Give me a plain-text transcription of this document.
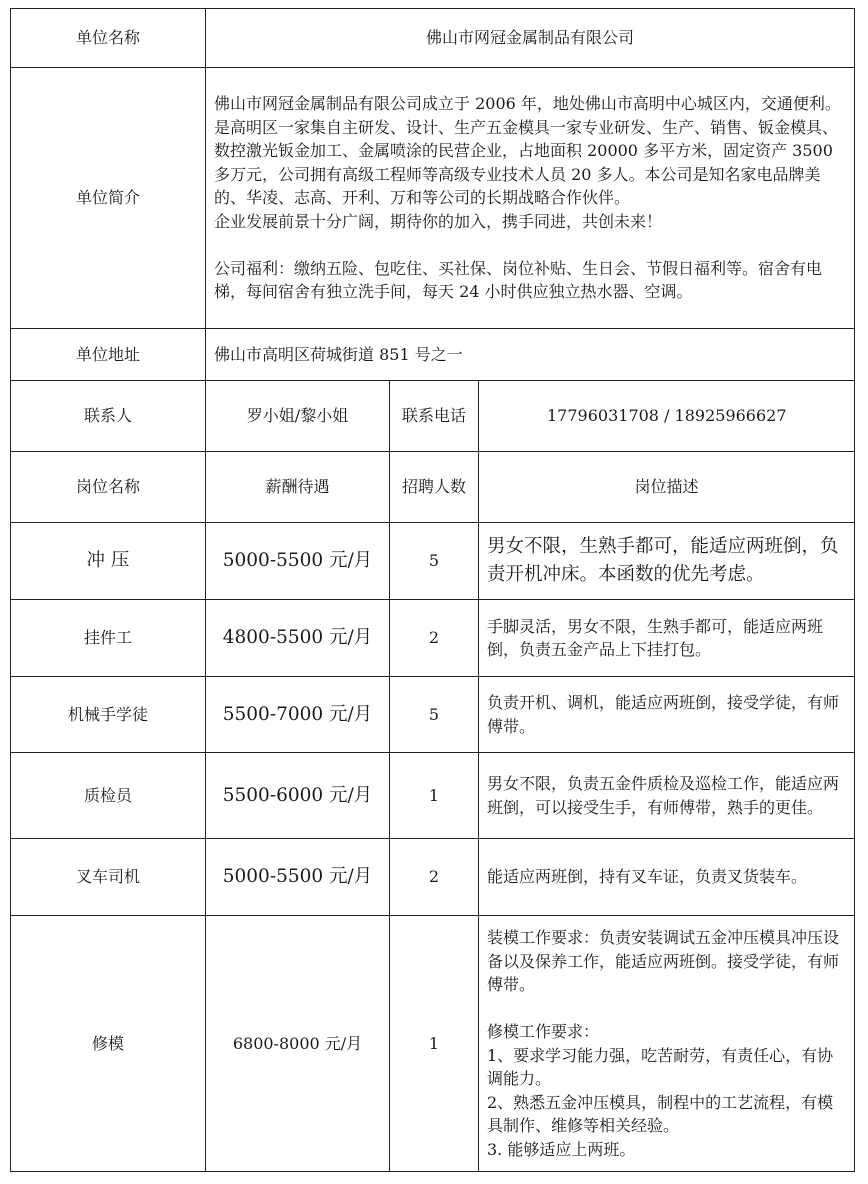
单位名称	佛山市网冠金属制品有限公司		
单位简介	佛山市网冠金属制品有限公司成立于 2006 年，地处佛山市高明中心城区内，交通便利。是高明区一家集自主研发、设计、生产五金模具一家专业研发、生产、销售、钣金模具、数控激光钣金加工、金属喷涂的民营企业，占地面积 20000 多平方米，固定资产 3500 多万元，公司拥有高级工程师等高级专业技术人员 20 多人。本公司是知名家电品牌美的、华凌、志高、开利、万和等公司的长期战略合作伙伴。
企业发展前景十分广阔，期待你的加入，携手同进，共创未来！

公司福利：缴纳五险、包吃住、买社保、岗位补贴、生日会、节假日福利等。宿舍有电梯，每间宿舍有独立洗手间，每天 24 小时供应独立热水器、空调。		
单位地址	佛山市高明区荷城街道 851 号之一		
联系人	罗小姐/黎小姐	联系电话	17796031708 / 18925966627
岗位名称	薪酬待遇	招聘人数	岗位描述
冲 压	5000-5500 元/月	5	男女不限，生熟手都可，能适应两班倒，负责开机冲床。本函数的优先考虑。
挂件工	4800-5500 元/月	2	手脚灵活，男女不限，生熟手都可，能适应两班倒，负责五金产品上下挂打包。
机械手学徒	5500-7000 元/月	5	负责开机、调机，能适应两班倒，接受学徒，有师傅带。
质检员	5500-6000 元/月	1	男女不限，负责五金件质检及巡检工作，能适应两班倒，可以接受生手，有师傅带，熟手的更佳。
叉车司机	5000-5500 元/月	2	能适应两班倒，持有叉车证，负责叉货装车。
修模	6800-8000 元/月	1	装模工作要求：负责安装调试五金冲压模具冲压设备以及保养工作，能适应两班倒。接受学徒，有师傅带。

修模工作要求：
1、要求学习能力强，吃苦耐劳，有责任心，有协调能力。
2、熟悉五金冲压模具，制程中的工艺流程，有模具制作、维修等相关经验。
3. 能够适应上两班。
